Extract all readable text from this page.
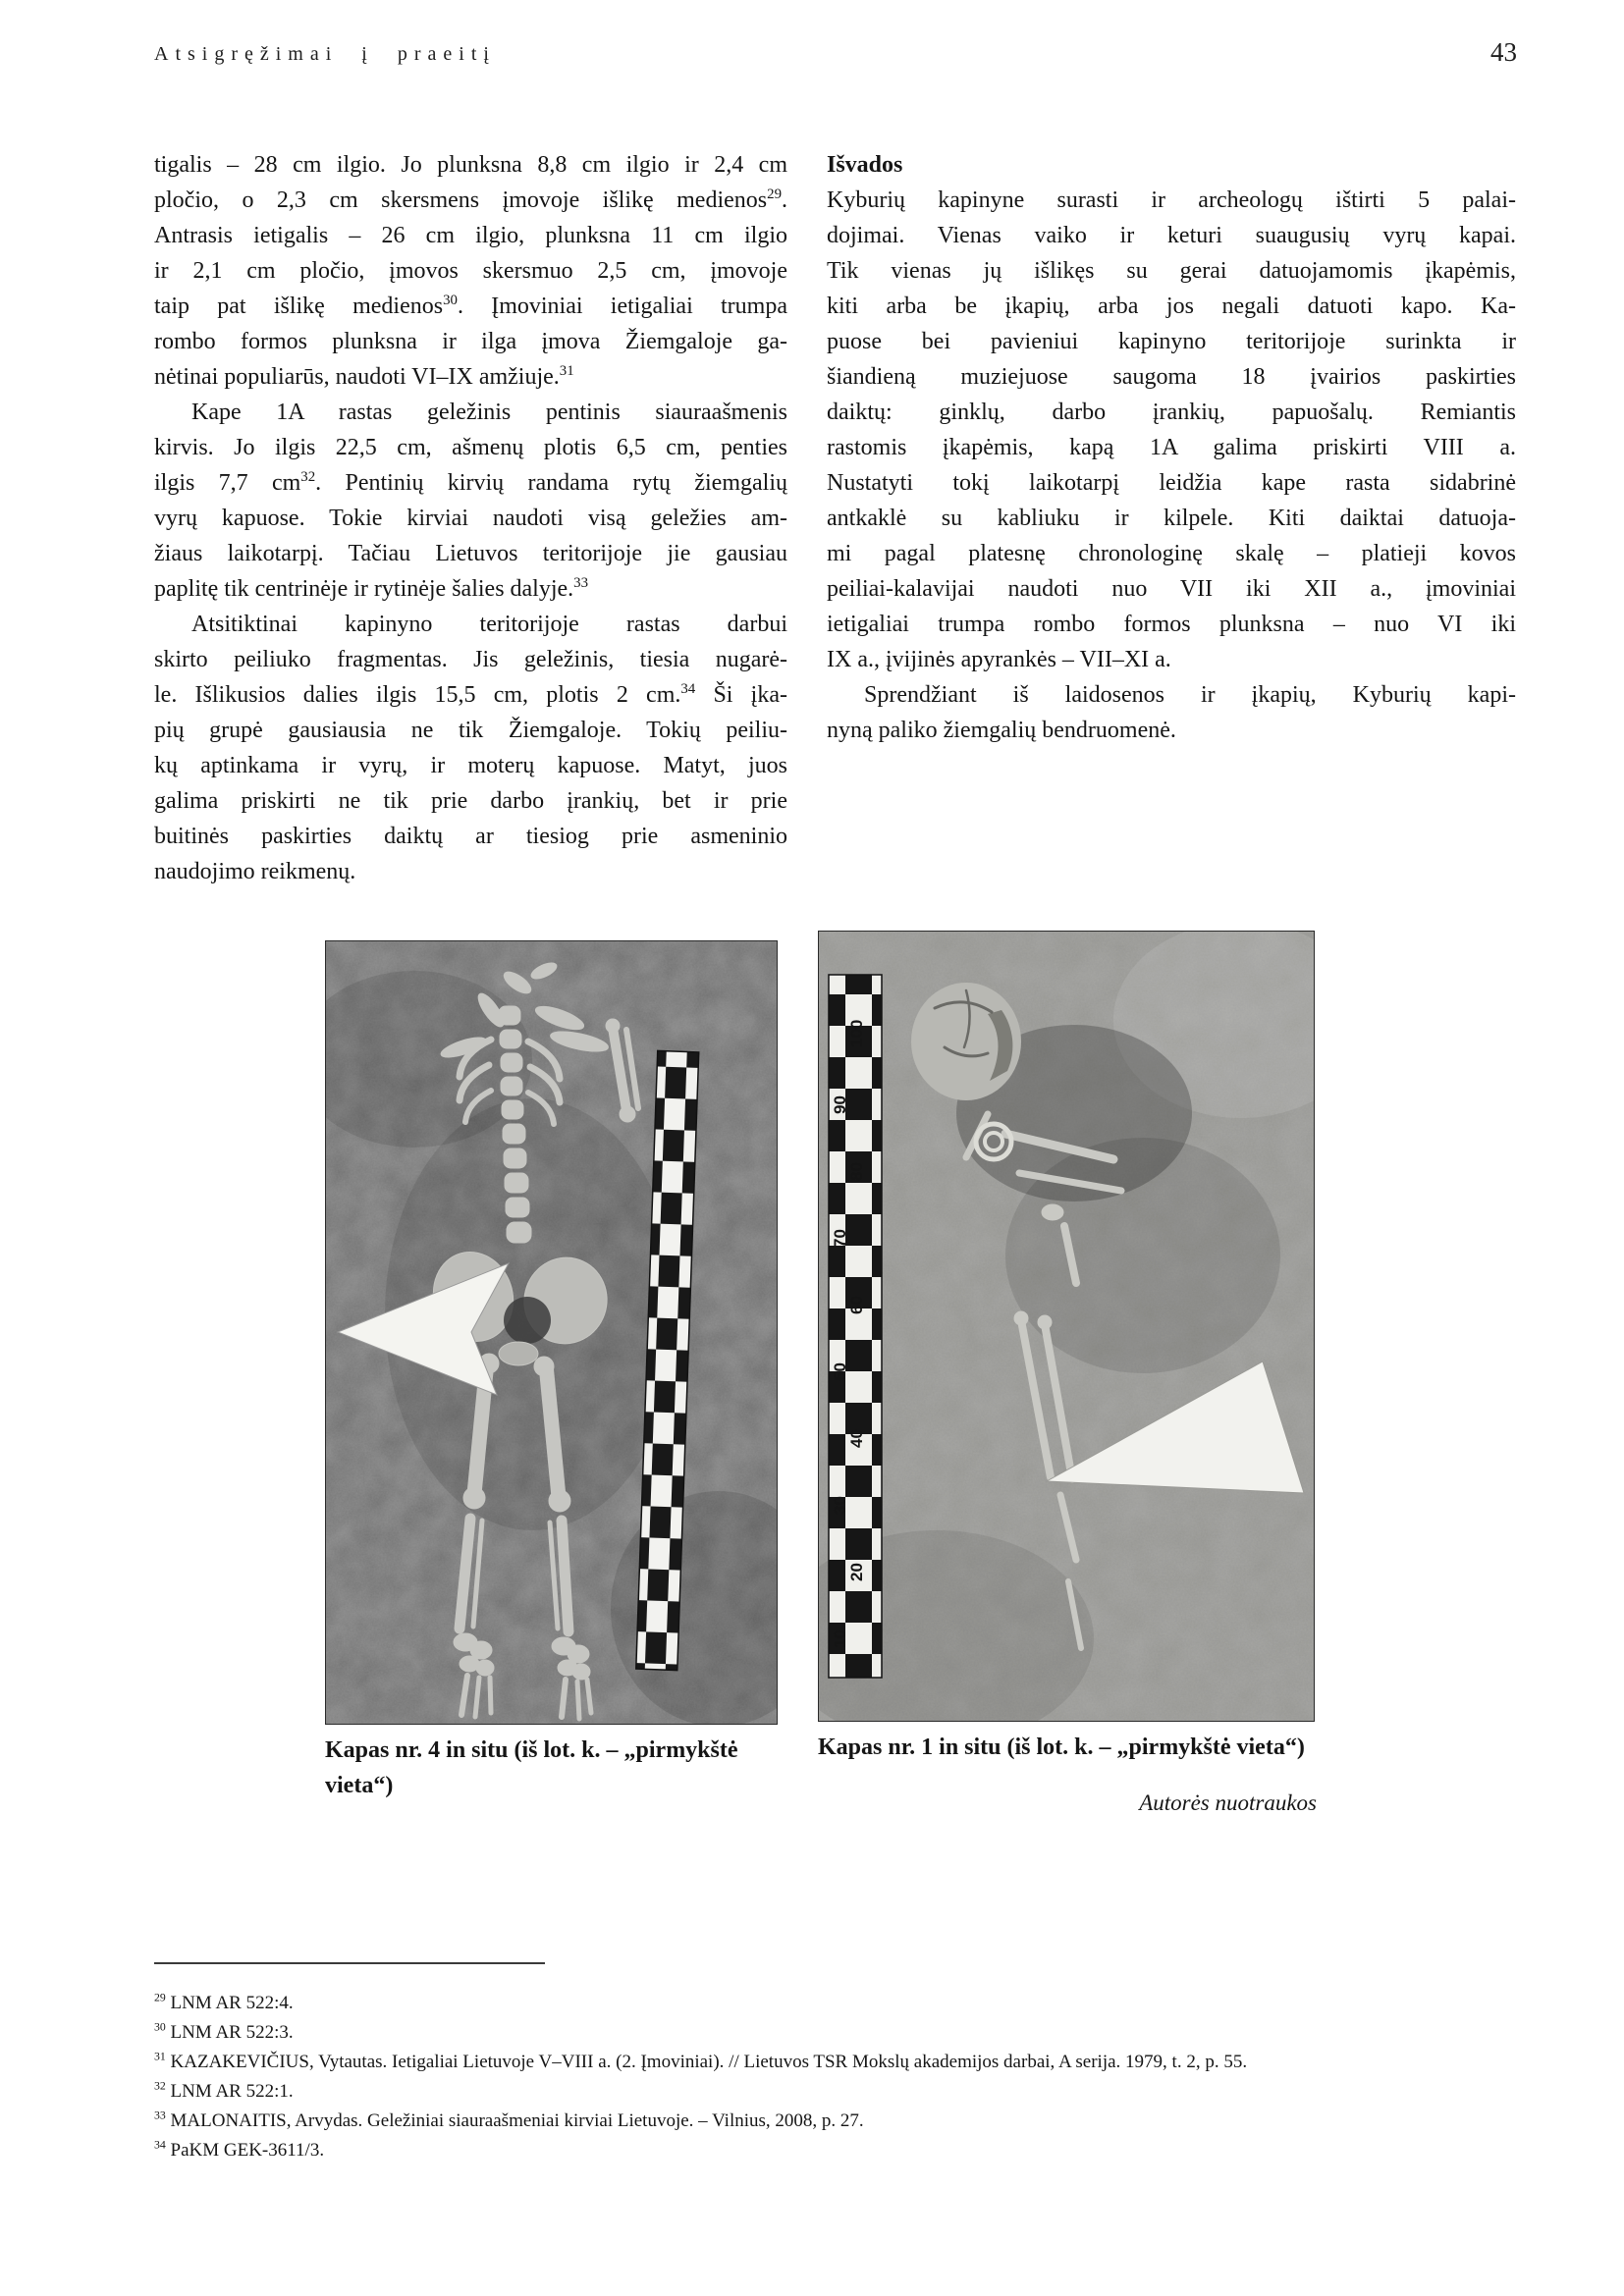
Atsigręžimai į praeitį	43
tigalis – 28 cm ilgio. Jo plunksna 8,8 cm ilgio ir 2,4 cm
pločio, o 2,3 cm skersmens įmovoje išlikę medienos$^{29}$.
Antrasis ietigalis – 26 cm ilgio, plunksna 11 cm ilgio
ir 2,1 cm pločio, įmovos skersmuo 2,5 cm, įmovoje
taip pat išlikę medienos$^{30}$. Įmoviniai ietigaliai trumpa
rombo formos plunksna ir ilga įmova Žiemgaloje ga-
nėtinai populiarūs, naudoti VI–IX amžiuje.$^{31}$
Kape 1A rastas geležinis pentinis siauraašmenis
kirvis. Jo ilgis 22,5 cm, ašmenų plotis 6,5 cm, penties
ilgis 7,7 $cm^{32}$. Pentinių kirvių randama rytų žiemgalių
vyrų kapuose. Tokie kirviai naudoti visą geležies am-
žiaus laikotarpį. Tačiau Lietuvos teritorijoje jie gausiau
paplitę tik centrinėje ir rytinėje šalies dalyje.$^{33}$
Atsitiktinai kapinyno teritorijoje rastas darbui
skirto peiliuko fragmentas. Jis geležinis, tiesia nugarė-
le. Išlikusios dalies ilgis 15,5 cm, plotis 2 cm.$^{34}$ Ši įka-
pių grupė gausiausia ne tik Žiemgaloje. Tokių peiliu-
kų aptinkama ir vyrų, ir moterų kapuose. Matyt, juos
galima priskirti ne tik prie darbo įrankių, bet ir prie
buitinės paskirties daiktų ar tiesiog prie asmeninio
naudojimo reikmenų.
Išvados
Kyburių kapinyne surasti ir archeologų ištirti 5 palai-
dojimai. Vienas vaiko ir keturi suaugusių vyrų kapai.
Tik vienas jų išlikęs su gerai datuojamomis įkapėmis,
kiti arba be įkapių, arba jos negali datuoti kapo. Ka-
puose bei pavieniui kapinyno teritorijoje surinkta ir
šiandieną muziejuose saugoma 18 įvairios paskirties
daiktų: ginklų, darbo įrankių, papuošalų. Remiantis
rastomis įkapėmis, kapą 1A galima priskirti VIII a.
Nustatyti tokį laikotarpį leidžia kape rasta sidabrinė
antkaklė su kabliuku ir kilpele. Kiti daiktai datuoja-
mi pagal platesnę chronologinę skalę – platieji kovos
peiliai-kalavijai naudoti nuo VII iki XII a., įmoviniai
ietigaliai trumpa rombo formos plunksna – nuo VI iki
IX a., įvijinės apyrankės – VII–XI a.
Sprendžiant iš laidosenos ir įkapių, Kyburių kapi-
nyną paliko žiemgalių bendruomenė.
100
90
80
70
60
50
40
30
20
10
Kapas nr. 4 in situ (iš lot. k. – „pirmykštė
vieta“)
Kapas nr. 1 in situ (iš lot. k. – „pirmykštė vieta“)
Autorės nuotraukos
$^{29}$ LNM AR 522:4.
$^{30}$ LNM AR 522:3.
$^{31}$ KAZAKEVIČIUS, Vytautas. Ietigaliai Lietuvoje V–VIII a. (2. Įmoviniai). // Lietuvos TSR Mokslų akademijos darbai, A serija. 1979, t. 2, p. 55.
$^{32}$ LNM AR 522:1.
$^{33}$ MALONAITIS, Arvydas. Geležiniai siauraašmeniai kirviai Lietuvoje. – Vilnius, 2008, p. 27.
$^{34}$ PaKM GEK-3611/3.
